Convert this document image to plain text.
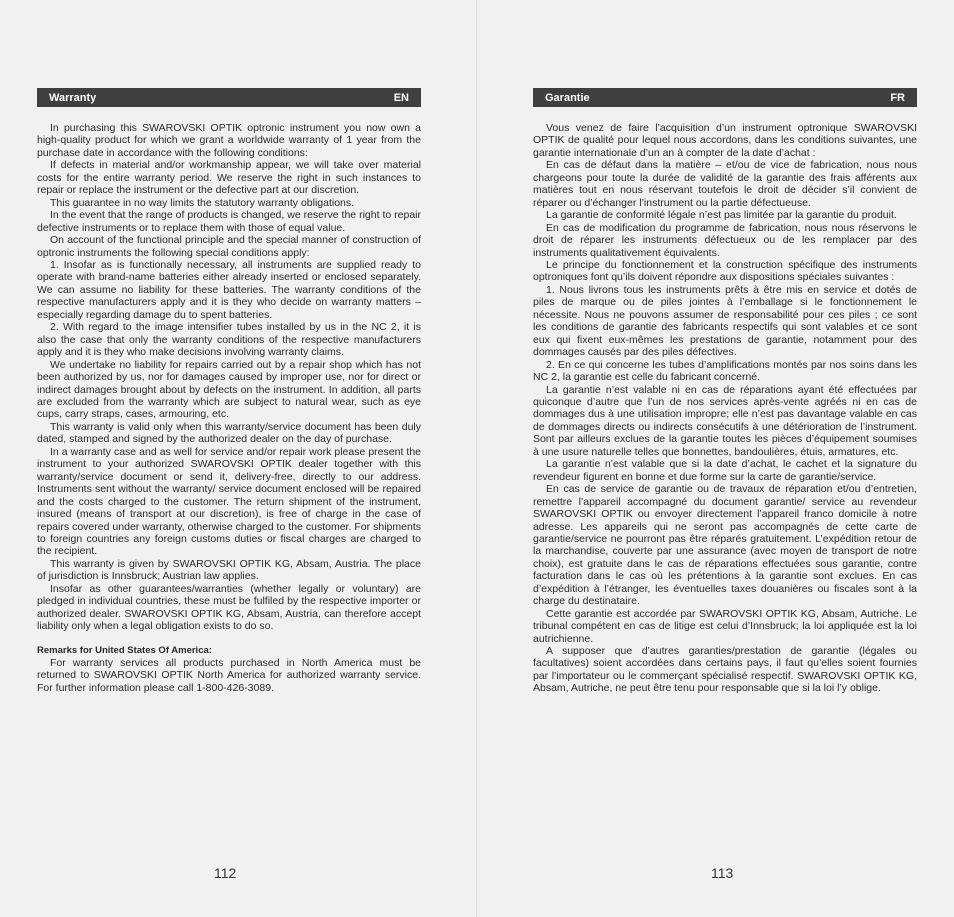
Warranty	EN

In purchasing this SWAROVSKI OPTIK optronic instrument you now own a high-quality product for which we grant a worldwide warranty of 1 year from the purchase date in accordance with the following conditions:

If defects in material and/or workmanship appear, we will take over material costs for the entire warranty period. We reserve the right in such instances to repair or replace the instrument or the defective part at our discretion.

This guarantee in no way limits the statutory warranty obligations.

In the event that the range of products is changed, we reserve the right to repair defective instruments or to replace them with those of equal value.

On account of the functional principle and the special manner of construction of optronic instruments the following special conditions apply:

1. Insofar as is functionally necessary, all instruments are supplied ready to operate with brand-name batteries either already inserted or enclosed separately. We can assume no liability for these batteries. The warranty conditions of the respective manufacturers apply and it is they who decide on warranty matters – especially regarding damage du to spent batteries.

2. With regard to the image intensifier tubes installed by us in the NC 2, it is also the case that only the warranty conditions of the respective manufacturers apply and it is they who make decisions involving warranty claims.

We undertake no liability for repairs carried out by a repair shop which has not been authorized by us, nor for damages caused by improper use, nor for direct or indirect damages brought about by defects on the instrument. In addition, all parts are excluded from the warranty which are subject to natural wear, such as eye cups, carry straps, cases, armouring, etc.

This warranty is valid only when this warranty/service document has been duly dated, stamped and signed by the authorized dealer on the day of purchase.

In a warranty case and as well for service and/or repair work please present the instrument to your authorized SWAROVSKI OPTIK dealer together with this warranty/service document or send it, delivery-free, directly to our address. Instruments sent without the warranty/ service document enclosed will be repaired and the costs charged to the customer. The return shipment of the instrument, insured (means of transport at our discretion), is free of charge in the case of repairs covered under warranty, otherwise charged to the customer. For shipments to foreign countries any foreign customs duties or fiscal charges are charged to the recipient.

This warranty is given by SWAROVSKI OPTIK KG, Absam, Austria. The place of jurisdiction is Innsbruck; Austrian law applies.

Insofar as other guarantees/warranties (whether legally or voluntary) are pledged in individual countries, these must be fulfiled by the respective importer or authorized dealer. SWAROVSKI OPTIK KG, Absam, Austria, can therefore accept liability only when a legal obligation exists to do so.

Remarks for United States Of America:

For warranty services all products purchased in North America must be returned to SWAROVSKI OPTIK North America for authorized warranty service. For further information please call 1-800-426-3089.

112
Garantie	FR

Vous venez de faire l’acquisition d’un instrument optronique SWAROVSKI OPTIK de qualité pour lequel nous accordons, dans les conditions suivantes, une garantie internationale d’un an à compter de la date d’achat :

En cas de défaut dans la matière – et/ou de vice de fabrication, nous nous chargeons pour toute la durée de validité de la garantie des frais afférents aux matières tout en nous réservant toutefois le droit de décider s’il convient de réparer ou d’échanger l’instrument ou la partie défectueuse.

La garantie de conformité légale n’est pas limitée par la garantie du produit.

En cas de modification du programme de fabrication, nous nous réservons le droit de réparer les instruments défectueux ou de les remplacer par des instruments qualitativement équivalents.

Le principe du fonctionnement et la construction spécifique des instruments optroniques font qu’ils doivent répondre aux dispositions spéciales suivantes :

1. Nous livrons tous les instruments prêts à être mis en service et dotés de piles de marque ou de piles jointes à l’emballage si le fonctionnement le nécessite. Nous ne pouvons assumer de responsabilité pour ces piles ; ce sont les conditions de garantie des fabricants respectifs qui sont valables et ce sont eux qui fixent eux-mêmes les prestations de garantie, notamment pour des dommages causés par des piles défectives.

2. En ce qui concerne les tubes d’amplifications montés par nos soins dans les NC 2, la garantie est celle du fabricant concerné.

La garantie n’est valable ni en cas de réparations ayant été effectuées par quiconque d’autre que l’un de nos services après-vente agréés ni en cas de dommages dus à une utilisation impropre; elle n’est pas davantage valable en cas de dommages directs ou indirects consécutifs à une détérioration de l’instrument. Sont par ailleurs exclues de la garantie toutes les pièces d’équipement soumises à une usure naturelle telles que bonnettes, bandoulières, étuis, armatures, etc.

La garantie n’est valable que si la date d’achat, le cachet et la signature du revendeur figurent en bonne et due forme sur la carte de garantie/service.

En cas de service de garantie ou de travaux de réparation et/ou d’entretien, remettre l’appareil accompagné du document garantie/ service au revendeur SWAROVSKI OPTIK ou envoyer directement l’appareil franco domicile à notre adresse. Les appareils qui ne seront pas accompagnés de cette carte de garantie/service ne pourront pas être réparés gratuitement. L’expédition retour de la marchandise, couverte par une assurance (avec moyen de transport de notre choix), est gratuite dans le cas de réparations effectuées sous garantie, contre facturation dans le cas où les prétentions à la garantie sont exclues. En cas d’expédition à l’étranger, les éventuelles taxes douanières ou fiscales sont à la charge du destinataire.

Cette garantie est accordée par SWAROVSKI OPTIK KG, Absam, Autriche. Le tribunal compétent en cas de litige est celui d’Innsbruck; la loi appliquée est la loi autrichienne.

A supposer que d’autres garanties/prestation de garantie (légales ou facultatives) soient accordées dans certains pays, il faut qu’elles soient fournies par l’importateur ou le commerçant spécialisé respectif. SWAROVSKI OPTIK KG, Absam, Autriche, ne peut être tenu pour responsable que si la loi l’y oblige.

113
